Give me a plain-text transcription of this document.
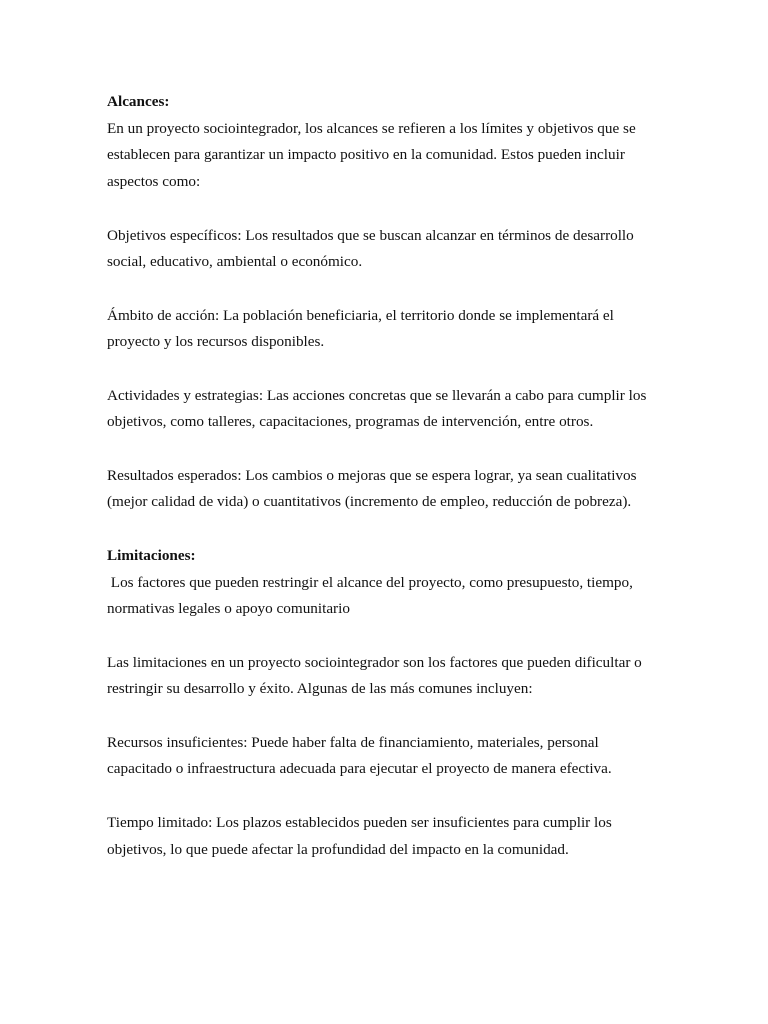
Alcances:

En un proyecto sociointegrador, los alcances se refieren a los límites y objetivos que se establecen para garantizar un impacto positivo en la comunidad. Estos pueden incluir aspectos como:

Objetivos específicos: Los resultados que se buscan alcanzar en términos de desarrollo social, educativo, ambiental o económico.

Ámbito de acción: La población beneficiaria, el territorio donde se implementará el proyecto y los recursos disponibles.

Actividades y estrategias: Las acciones concretas que se llevarán a cabo para cumplir los objetivos, como talleres, capacitaciones, programas de intervención, entre otros.

Resultados esperados: Los cambios o mejoras que se espera lograr, ya sean cualitativos (mejor calidad de vida) o cuantitativos (incremento de empleo, reducción de pobreza).

Limitaciones:

Los factores que pueden restringir el alcance del proyecto, como presupuesto, tiempo, normativas legales o apoyo comunitario

Las limitaciones en un proyecto sociointegrador son los factores que pueden dificultar o restringir su desarrollo y éxito. Algunas de las más comunes incluyen:

Recursos insuficientes: Puede haber falta de financiamiento, materiales, personal capacitado o infraestructura adecuada para ejecutar el proyecto de manera efectiva.

Tiempo limitado: Los plazos establecidos pueden ser insuficientes para cumplir los objetivos, lo que puede afectar la profundidad del impacto en la comunidad.
